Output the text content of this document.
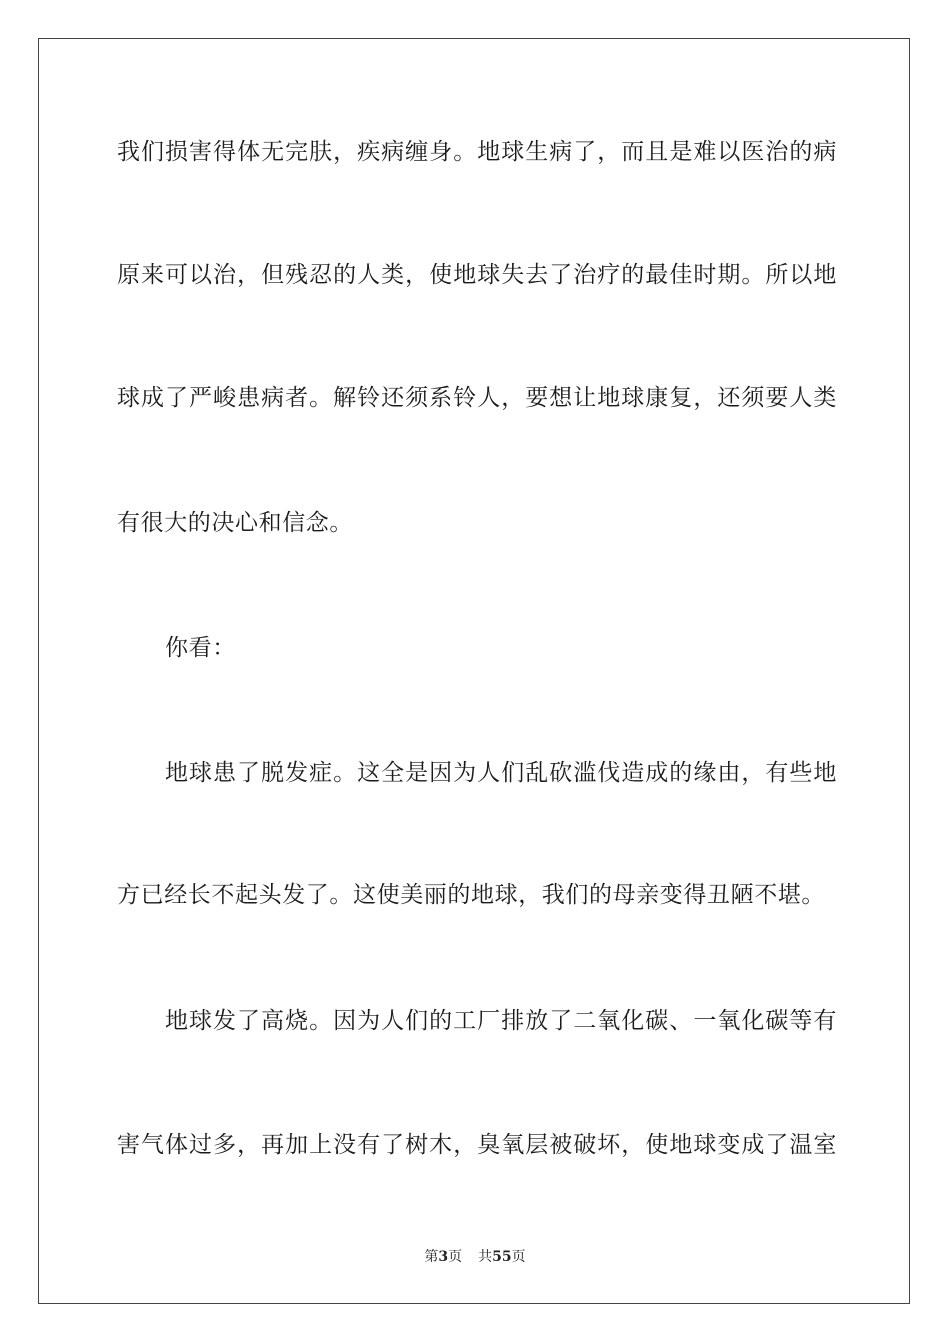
我们损害得体无完肤，疾病缠身。地球生病了，而且是难以医治的病
原来可以治，但残忍的人类，使地球失去了治疗的最佳时期。所以地
球成了严峻患病者。解铃还须系铃人，要想让地球康复，还须要人类
有很大的决心和信念。
你看：
地球患了脱发症。这全是因为人们乱砍滥伐造成的缘由，有些地
方已经长不起头发了。这使美丽的地球，我们的母亲变得丑陋不堪。
地球发了高烧。因为人们的工厂排放了二氧化碳、一氧化碳等有
害气体过多，再加上没有了树木，臭氧层被破坏，使地球变成了温室
第3页 共55页
